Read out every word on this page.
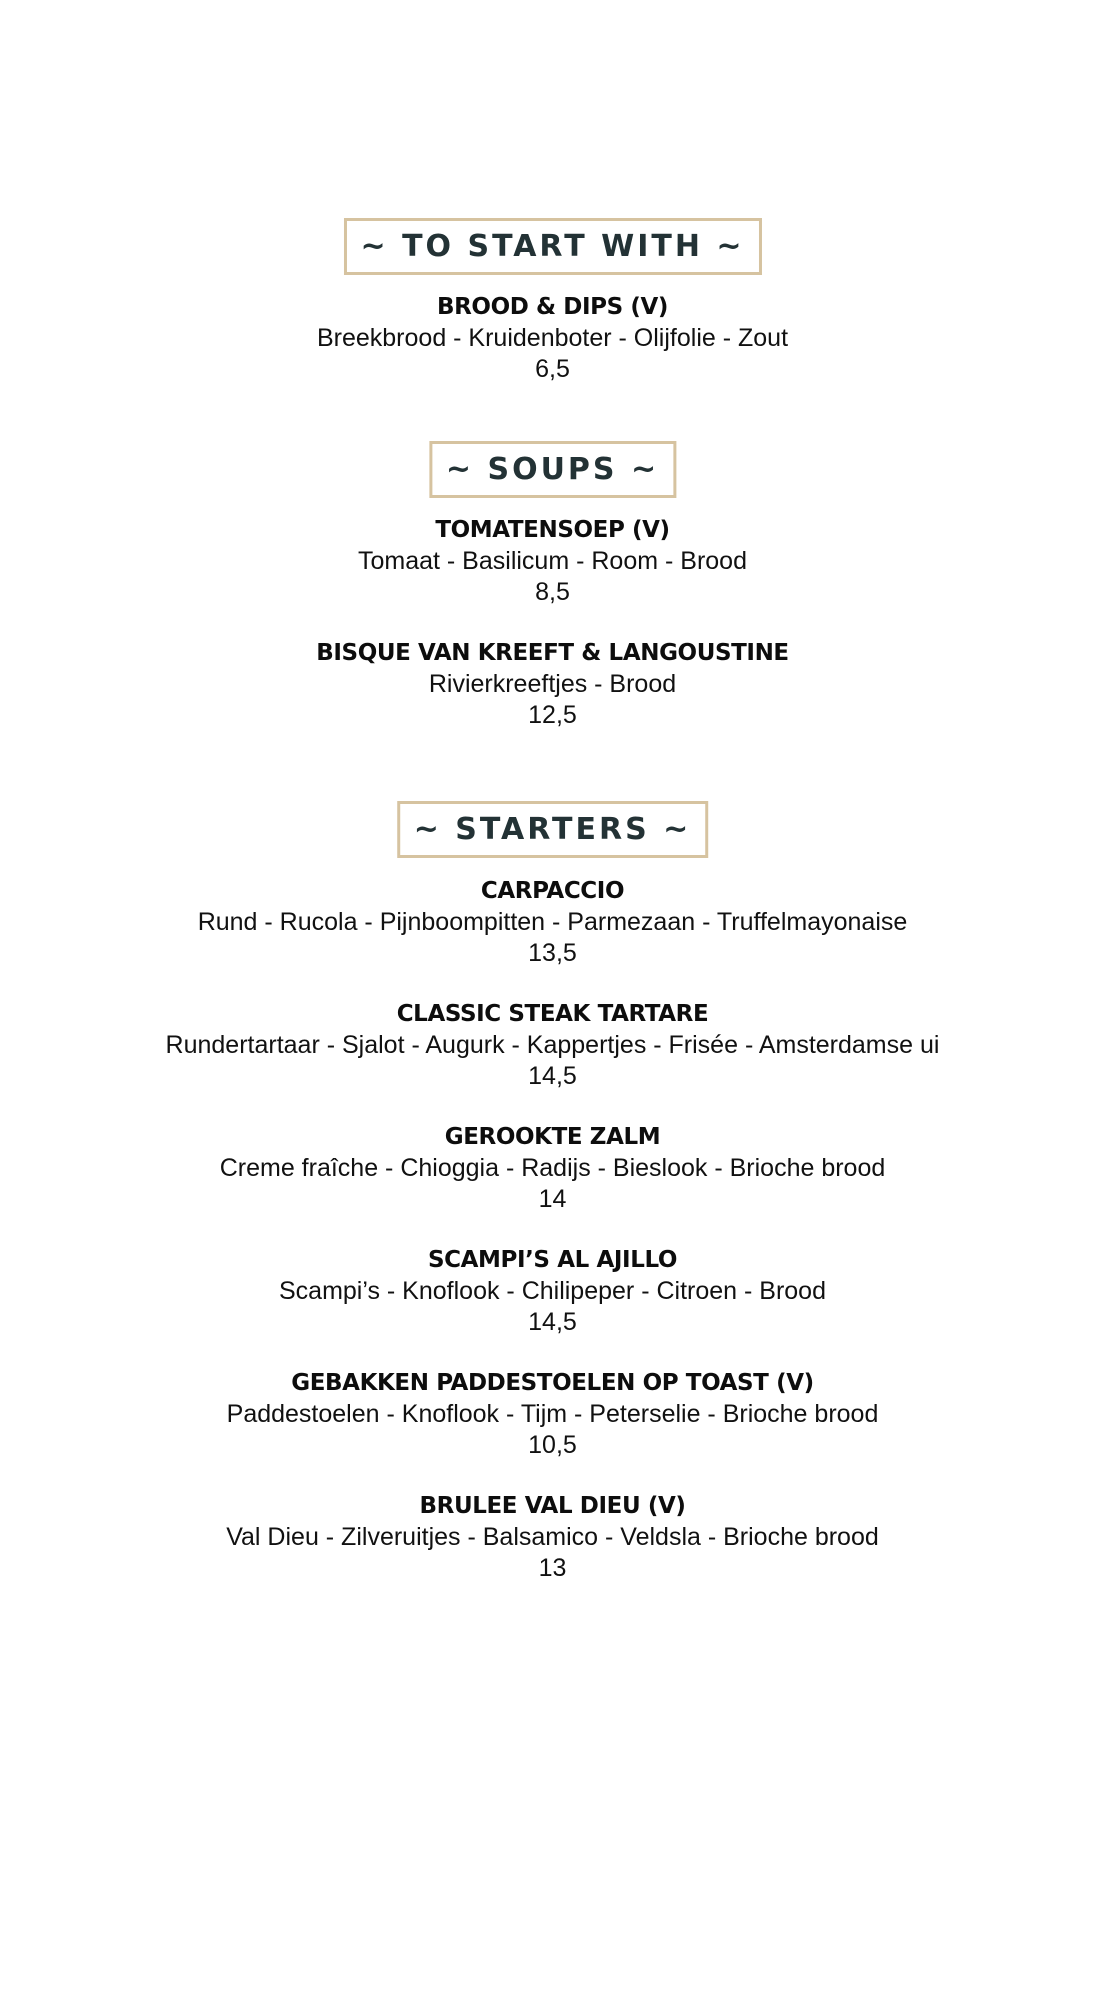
~ TO START WITH ~
BROOD & DIPS (V)
Breekbrood - Kruidenboter - Olijfolie - Zout
6,5
~ SOUPS ~
TOMATENSOEP (V)
Tomaat - Basilicum - Room - Brood
8,5
BISQUE VAN KREEFT & LANGOUSTINE
Rivierkreeftjes - Brood
12,5
~ STARTERS ~
CARPACCIO
Rund - Rucola - Pijnboompitten - Parmezaan - Truffelmayonaise
13,5
CLASSIC STEAK TARTARE
Rundertartaar - Sjalot - Augurk - Kappertjes - Frisée - Amsterdamse ui
14,5
GEROOKTE ZALM
Creme fraîche - Chioggia - Radijs - Bieslook - Brioche brood
14
SCAMPI’S AL AJILLO
Scampi’s - Knoflook - Chilipeper - Citroen - Brood
14,5
GEBAKKEN PADDESTOELEN OP TOAST (V)
Paddestoelen - Knoflook - Tijm - Peterselie - Brioche brood
10,5
BRULEE VAL DIEU (V)
Val Dieu - Zilveruitjes - Balsamico - Veldsla - Brioche brood
13
